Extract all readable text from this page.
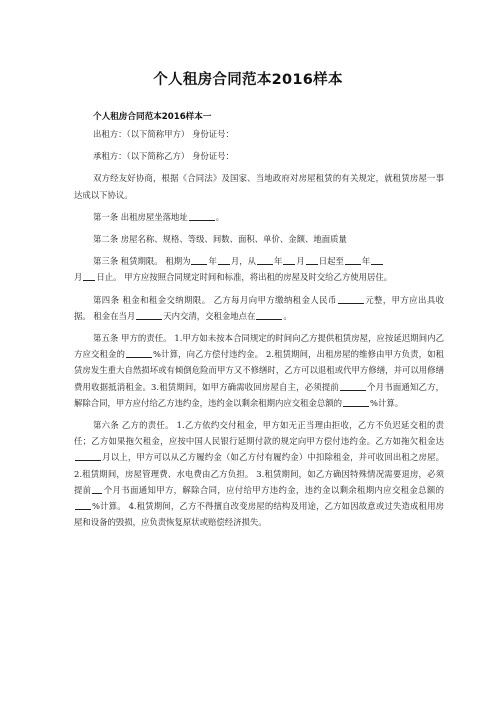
个人租房合同范本2016样本
个人租房合同范本2016样本一

出租方：（以下简称甲方） 身份证号：

承租方：（以下简称乙方） 身份证号：

双方经友好协商，根据《合同法》及国家、当地政府对房屋租赁的有关规定，就租赁房屋一事达成以下协议。

第一条 出租房屋坐落地址	。

第二条 房屋名称、规格、等级、间数、面积、单价、金额、地面质量

第三条 租赁期限。 租期为 年 月，从 年 月 日起至 年
月 日止。 甲方应按照合同规定时间和标准，将出租的房屋及时交给乙方使用居住。

第四条 租金和租金交纳期限。 乙方每月向甲方缴纳租金人民币	元整，甲方应出具收据。 租金在当月	天内交清，交租金地点在	。

第五条 甲方的责任。 1.甲方如未按本合同规定的时间向乙方提供租赁房屋，应按延迟期间内乙方应交租金的	%计算，向乙方偿付违约金。 2.租赁期间，出租房屋的维修由甲方负责，如租赁房发生重大自然损坏或有倾倒危险而甲方又不修缮时，乙方可以退租或代甲方修缮，并可以用修缮费用收据抵消租金。3.租赁期间，如甲方确需收回房屋自主，必须提前	个月书面通知乙方，解除合同，甲方应付给乙方违约金，违约金以剩余租期内应交租金总额的	%计算。

第六条 乙方的责任。 1.乙方依约交付租金，甲方如无正当理由拒收，乙方不负迟延交租的责任；乙方如果拖欠租金，应按中国人民银行延期付款的规定向甲方偿付违约金。乙方如拖欠租金达月以上，甲方可以从乙方履约金（如乙方付有履约金）中扣除租金，并可收回出租之房屋。 2.租赁期间，房屋管理费、水电费由乙方负担。 3.租赁期间，如乙方确因特殊情况需要退房，必须提前 个月书面通知甲方，解除合同，应付给甲方违约金，违约金以剩余租期内应交租金总额的%计算。 4.租赁期间，乙方不得擅自改变房屋的结构及用途，乙方如因故意或过失造成租用房屋和设备的毁损，应负责恢复原状或赔偿经济损失。
